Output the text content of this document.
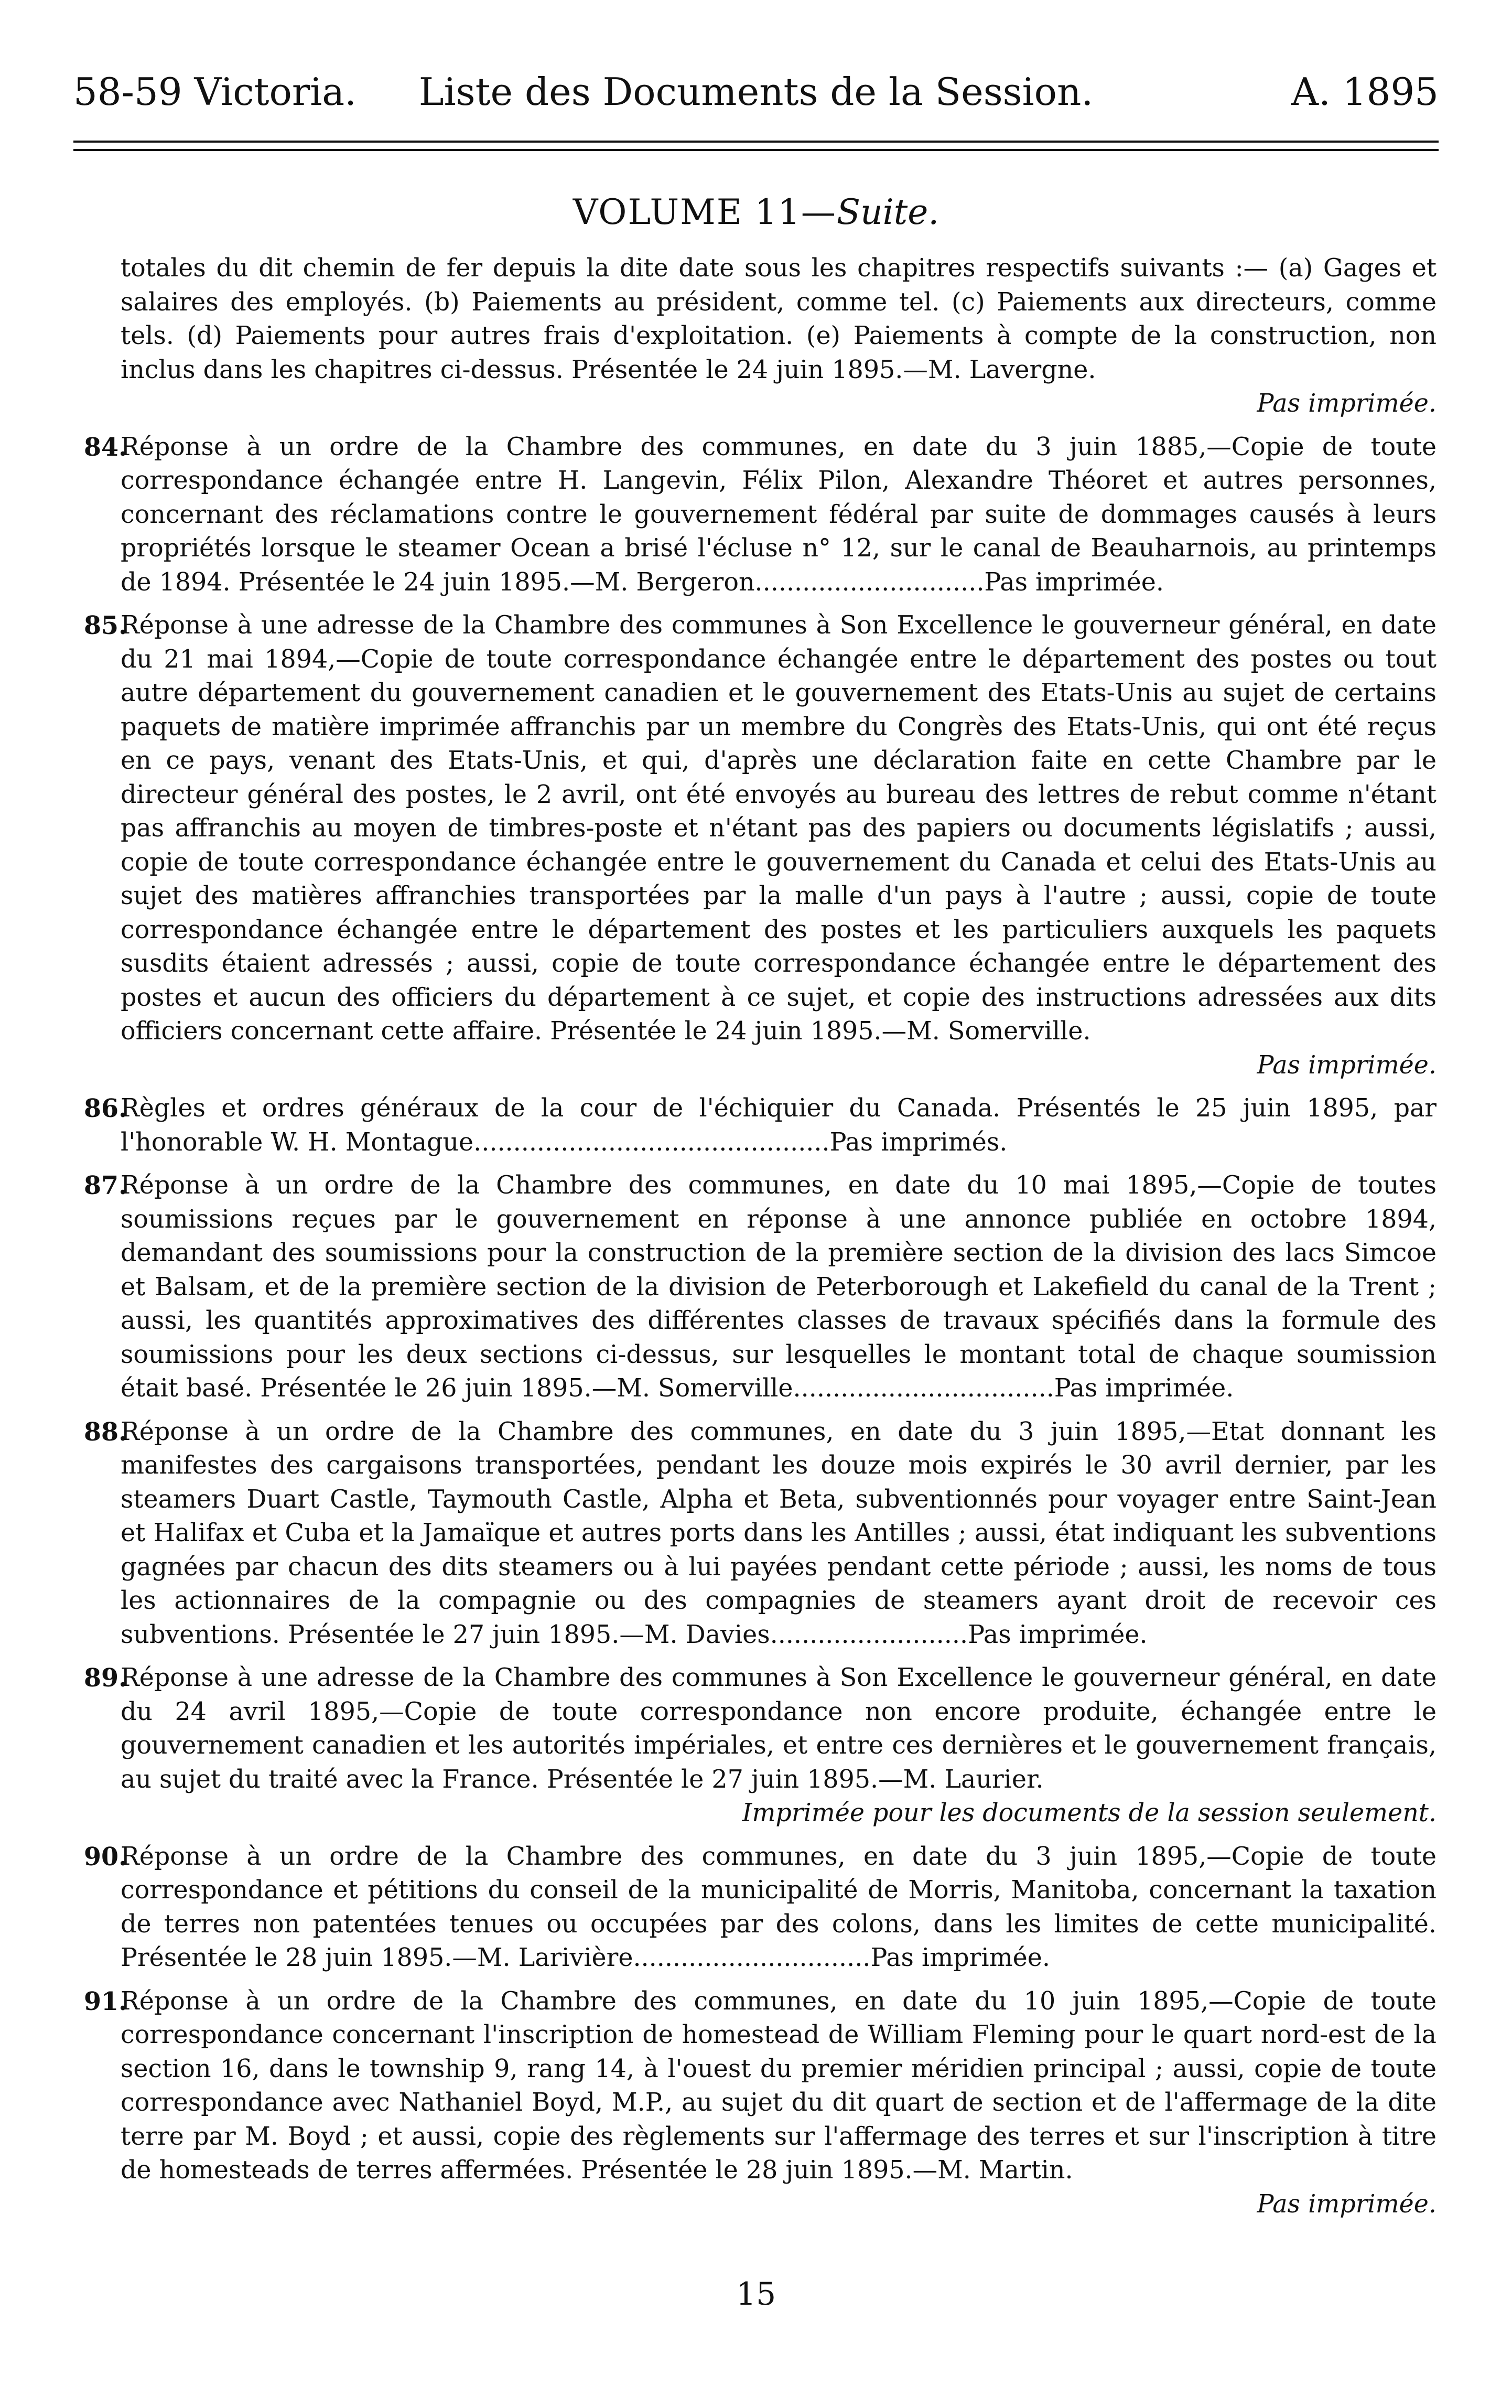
58-59 Victoria.	Liste des Documents de la Session.	A. 1895
VOLUME 11—Suite.

totales du dit chemin de fer depuis la dite date sous les chapitres respectifs suivants :— (a) Gages et salaires des employés. (b) Paiements au président, comme tel. (c) Paiements aux directeurs, comme tels. (d) Paiements pour autres frais d'exploitation. (e) Paiements à compte de la construction, non inclus dans les chapitres ci-dessus. Présentée le 24 juin 1895.—M. Lavergne.

Pas imprimée.

84.

Réponse à un ordre de la Chambre des communes, en date du 3 juin 1885,—Copie de toute correspondance échangée entre H. Langevin, Félix Pilon, Alexandre Théoret et autres personnes, concernant des réclamations contre le gouvernement fédéral par suite de dommages causés à leurs propriétés lorsque le steamer Ocean a brisé l'écluse n° 12, sur le canal de Beauharnois, au printemps de 1894. Présentée le 24 juin 1895.—M. Bergeron.............................Pas imprimée.

85.

Réponse à une adresse de la Chambre des communes à Son Excellence le gouverneur général, en date du 21 mai 1894,—Copie de toute correspondance échangée entre le département des postes ou tout autre département du gouvernement canadien et le gouvernement des Etats-Unis au sujet de certains paquets de matière imprimée affranchis par un membre du Congrès des Etats-Unis, qui ont été reçus en ce pays, venant des Etats-Unis, et qui, d'après une déclaration faite en cette Chambre par le directeur général des postes, le 2 avril, ont été envoyés au bureau des lettres de rebut comme n'étant pas affranchis au moyen de timbres-poste et n'étant pas des papiers ou documents législatifs ; aussi, copie de toute correspondance échangée entre le gouvernement du Canada et celui des Etats-Unis au sujet des matières affranchies transportées par la malle d'un pays à l'autre ; aussi, copie de toute correspondance échangée entre le département des postes et les particuliers auxquels les paquets susdits étaient adressés ; aussi, copie de toute correspondance échangée entre le département des postes et aucun des officiers du département à ce sujet, et copie des instructions adressées aux dits officiers concernant cette affaire. Présentée le 24 juin 1895.—M. Somerville.

Pas imprimée.

86.

Règles et ordres généraux de la cour de l'échiquier du Canada. Présentés le 25 juin 1895, par l'honorable W. H. Montague.............................................Pas imprimés.

87.

Réponse à un ordre de la Chambre des communes, en date du 10 mai 1895,—Copie de toutes soumissions reçues par le gouvernement en réponse à une annonce publiée en octobre 1894, demandant des soumissions pour la construction de la première section de la division des lacs Simcoe et Balsam, et de la première section de la division de Peterborough et Lakefield du canal de la Trent ; aussi, les quantités approximatives des différentes classes de travaux spécifiés dans la formule des soumissions pour les deux sections ci-dessus, sur lesquelles le montant total de chaque soumission était basé. Présentée le 26 juin 1895.—M. Somerville.................................Pas imprimée.

88.

Réponse à un ordre de la Chambre des communes, en date du 3 juin 1895,—Etat donnant les manifestes des cargaisons transportées, pendant les douze mois expirés le 30 avril dernier, par les steamers Duart Castle, Taymouth Castle, Alpha et Beta, subventionnés pour voyager entre Saint-Jean et Halifax et Cuba et la Jamaïque et autres ports dans les Antilles ; aussi, état indiquant les subventions gagnées par chacun des dits steamers ou à lui payées pendant cette période ; aussi, les noms de tous les actionnaires de la compagnie ou des compagnies de steamers ayant droit de recevoir ces subventions. Présentée le 27 juin 1895.—M. Davies.........................Pas imprimée.

89.

Réponse à une adresse de la Chambre des communes à Son Excellence le gouverneur général, en date du 24 avril 1895,—Copie de toute correspondance non encore produite, échangée entre le gouvernement canadien et les autorités impériales, et entre ces dernières et le gouvernement français, au sujet du traité avec la France. Présentée le 27 juin 1895.—M. Laurier.

Imprimée pour les documents de la session seulement.

90.

Réponse à un ordre de la Chambre des communes, en date du 3 juin 1895,—Copie de toute correspondance et pétitions du conseil de la municipalité de Morris, Manitoba, concernant la taxation de terres non patentées tenues ou occupées par des colons, dans les limites de cette municipalité. Présentée le 28 juin 1895.—M. Larivière..............................Pas imprimée.

91.

Réponse à un ordre de la Chambre des communes, en date du 10 juin 1895,—Copie de toute correspondance concernant l'inscription de homestead de William Fleming pour le quart nord-est de la section 16, dans le township 9, rang 14, à l'ouest du premier méridien principal ; aussi, copie de toute correspondance avec Nathaniel Boyd, M.P., au sujet du dit quart de section et de l'affermage de la dite terre par M. Boyd ; et aussi, copie des règlements sur l'affermage des terres et sur l'inscription à titre de homesteads de terres affermées. Présentée le 28 juin 1895.—M. Martin.

Pas imprimée.

15
